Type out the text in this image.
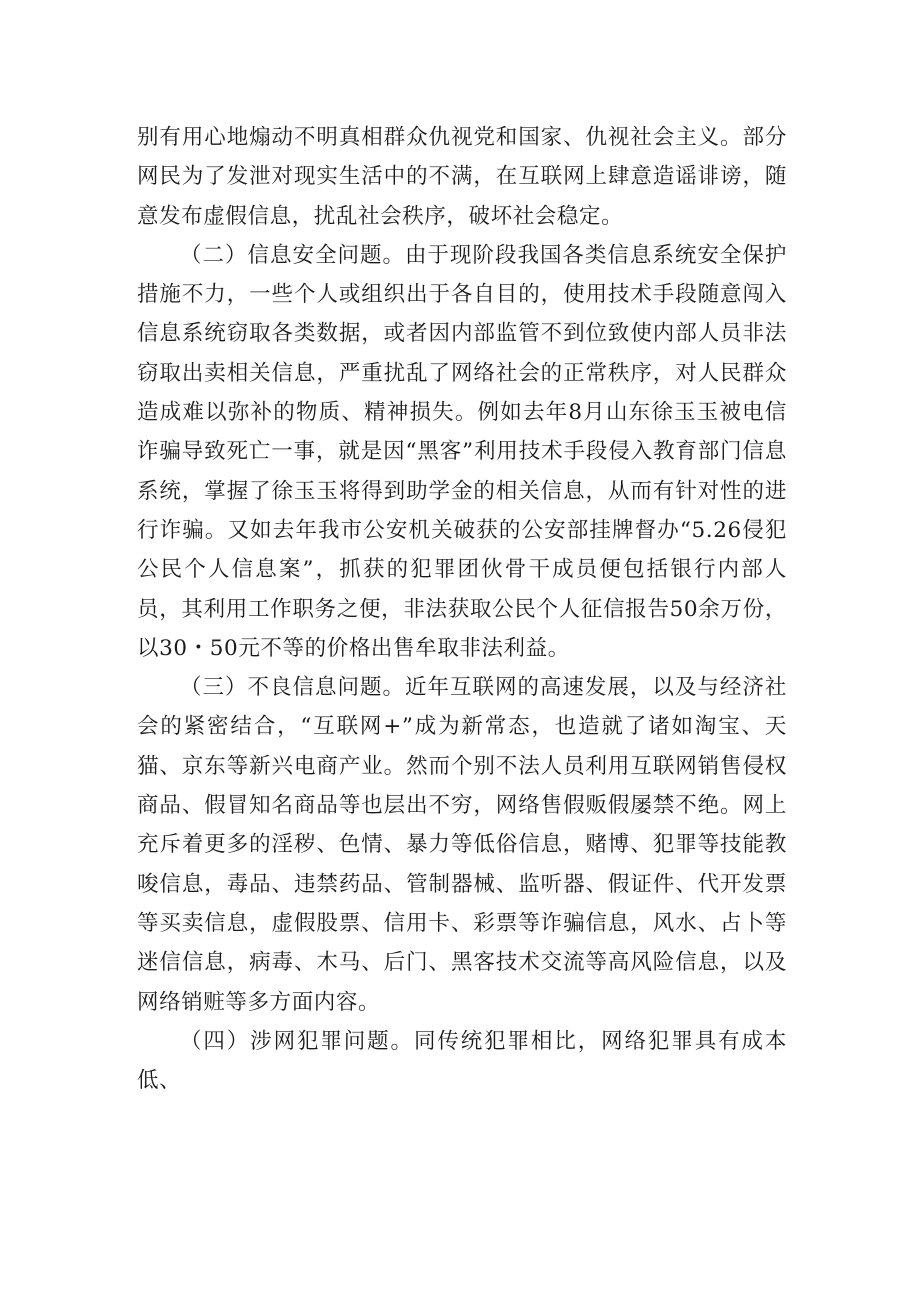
别有用心地煽动不明真相群众仇视党和国家、仇视社会主义。部分网民为了发泄对现实生活中的不满，在互联网上肆意造谣诽谤，随意发布虚假信息，扰乱社会秩序，破坏社会稳定。

（二）信息安全问题。由于现阶段我国各类信息系统安全保护措施不力，一些个人或组织出于各自目的，使用技术手段随意闯入信息系统窃取各类数据，或者因内部监管不到位致使内部人员非法窃取出卖相关信息，严重扰乱了网络社会的正常秩序，对人民群众造成难以弥补的物质、精神损失。例如去年8月山东徐玉玉被电信诈骗导致死亡一事，就是因“黑客”利用技术手段侵入教育部门信息系统，掌握了徐玉玉将得到助学金的相关信息，从而有针对性的进行诈骗。又如去年我市公安机关破获的公安部挂牌督办“5.26侵犯公民个人信息案”，抓获的犯罪团伙骨干成员便包括银行内部人员，其利用工作职务之便，非法获取公民个人征信报告50余万份，以30・50元不等的价格出售牟取非法利益。

（三）不良信息问题。近年互联网的高速发展，以及与经济社会的紧密结合，“互联网+”成为新常态，也造就了诸如淘宝、天猫、京东等新兴电商产业。然而个别不法人员利用互联网销售侵权商品、假冒知名商品等也层出不穷，网络售假贩假屡禁不绝。网上充斥着更多的淫秽、色情、暴力等低俗信息，赌博、犯罪等技能教唆信息，毒品、违禁药品、管制器械、监听器、假证件、代开发票等买卖信息，虚假股票、信用卡、彩票等诈骗信息，风水、占卜等迷信信息，病毒、木马、后门、黑客技术交流等高风险信息，以及网络销赃等多方面内容。

（四）涉网犯罪问题。同传统犯罪相比，网络犯罪具有成本低、
